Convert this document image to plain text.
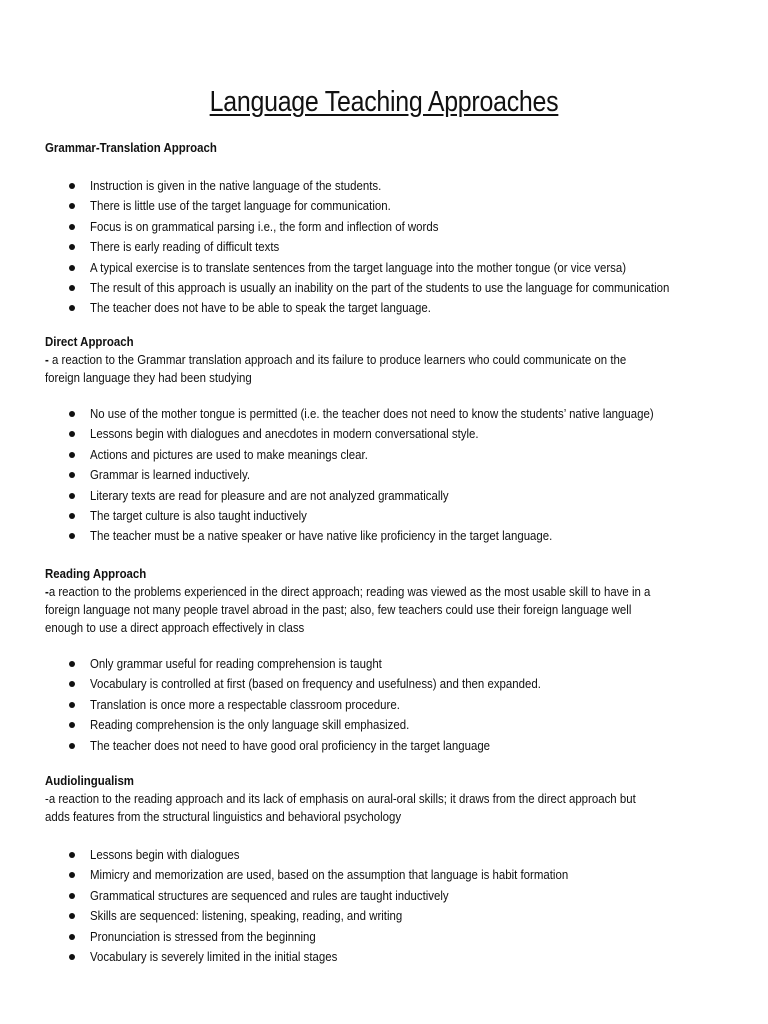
Language Teaching Approaches

Grammar-Translation Approach

Instruction is given in the native language of the students.
There is little use of the target language for communication.
Focus is on grammatical parsing i.e., the form and inflection of words
There is early reading of difficult texts
A typical exercise is to translate sentences from the target language into the mother tongue (or vice versa)
The result of this approach is usually an inability on the part of the students to use the language for communication
The teacher does not have to be able to speak the target language.

Direct Approach

- a reaction to the Grammar translation approach and its failure to produce learners who could communicate on the foreign language they had been studying

No use of the mother tongue is permitted (i.e. the teacher does not need to know the students’ native language)
Lessons begin with dialogues and anecdotes in modern conversational style.
Actions and pictures are used to make meanings clear.
Grammar is learned inductively.
Literary texts are read for pleasure and are not analyzed grammatically
The target culture is also taught inductively
The teacher must be a native speaker or have native like proficiency in the target language.

Reading Approach

-a reaction to the problems experienced in the direct approach; reading was viewed as the most usable skill to have in a foreign language not many people travel abroad in the past; also, few teachers could use their foreign language well enough to use a direct approach effectively in class

Only grammar useful for reading comprehension is taught
Vocabulary is controlled at first (based on frequency and usefulness) and then expanded.
Translation is once more a respectable classroom procedure.
Reading comprehension is the only language skill emphasized.
The teacher does not need to have good oral proficiency in the target language

Audiolingualism

-a reaction to the reading approach and its lack of emphasis on aural-oral skills; it draws from the direct approach but adds features from the structural linguistics and behavioral psychology

Lessons begin with dialogues
Mimicry and memorization are used, based on the assumption that language is habit formation
Grammatical structures are sequenced and rules are taught inductively
Skills are sequenced: listening, speaking, reading, and writing
Pronunciation is stressed from the beginning
Vocabulary is severely limited in the initial stages
